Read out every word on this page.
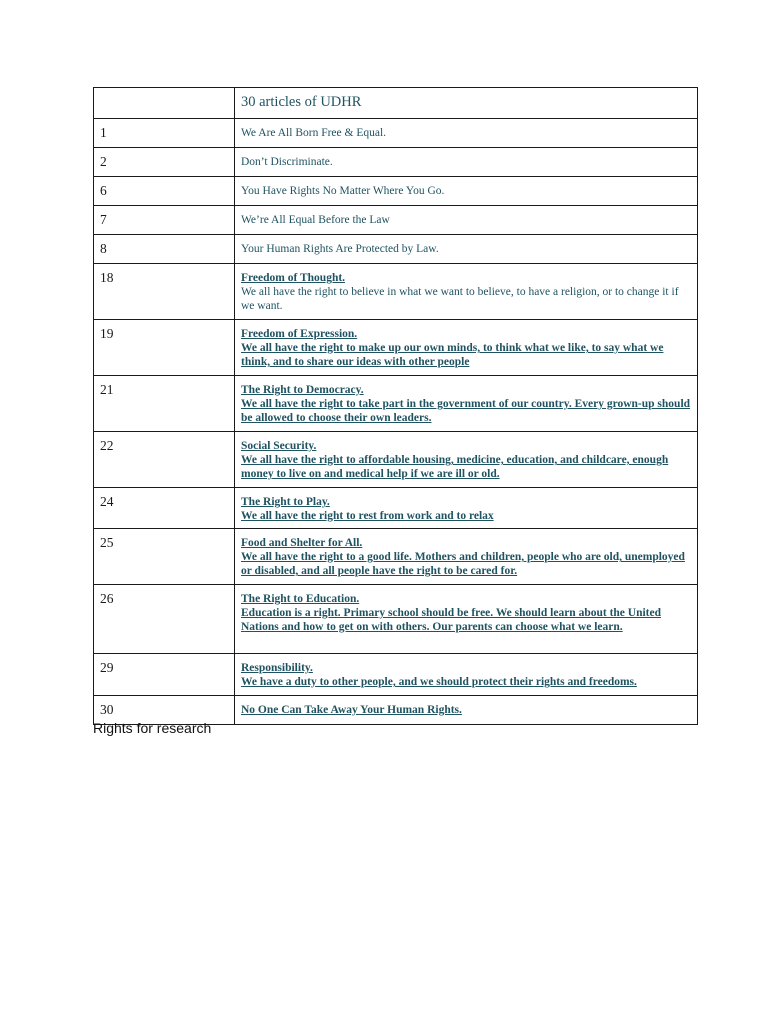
	30 articles of UDHR
1	We Are All Born Free & Equal.

2	Don’t Discriminate.

6	You Have Rights No Matter Where You Go.

7	We’re All Equal Before the Law

8	Your Human Rights Are Protected by Law.

18	Freedom of Thought.
We all have the right to believe in what we want to believe, to have a religion, or to change it if we want.

19	Freedom of Expression.
We all have the right to make up our own minds, to think what we like, to say what we think, and to share our ideas with other people

21	The Right to Democracy.
We all have the right to take part in the government of our country. Every grown-up should be allowed to choose their own leaders.

22	Social Security.
We all have the right to affordable housing, medicine, education, and childcare, enough money to live on and medical help if we are ill or old.

24	The Right to Play.
We all have the right to rest from work and to relax

25	Food and Shelter for All.
We all have the right to a good life. Mothers and children, people who are old, unemployed or disabled, and all people have the right to be cared for.

26	The Right to Education.
Education is a right. Primary school should be free. We should learn about the United Nations and how to get on with others. Our parents can choose what we learn.

29	Responsibility.
We have a duty to other people, and we should protect their rights and freedoms.

30	No One Can Take Away Your Human Rights.
Rights for research
